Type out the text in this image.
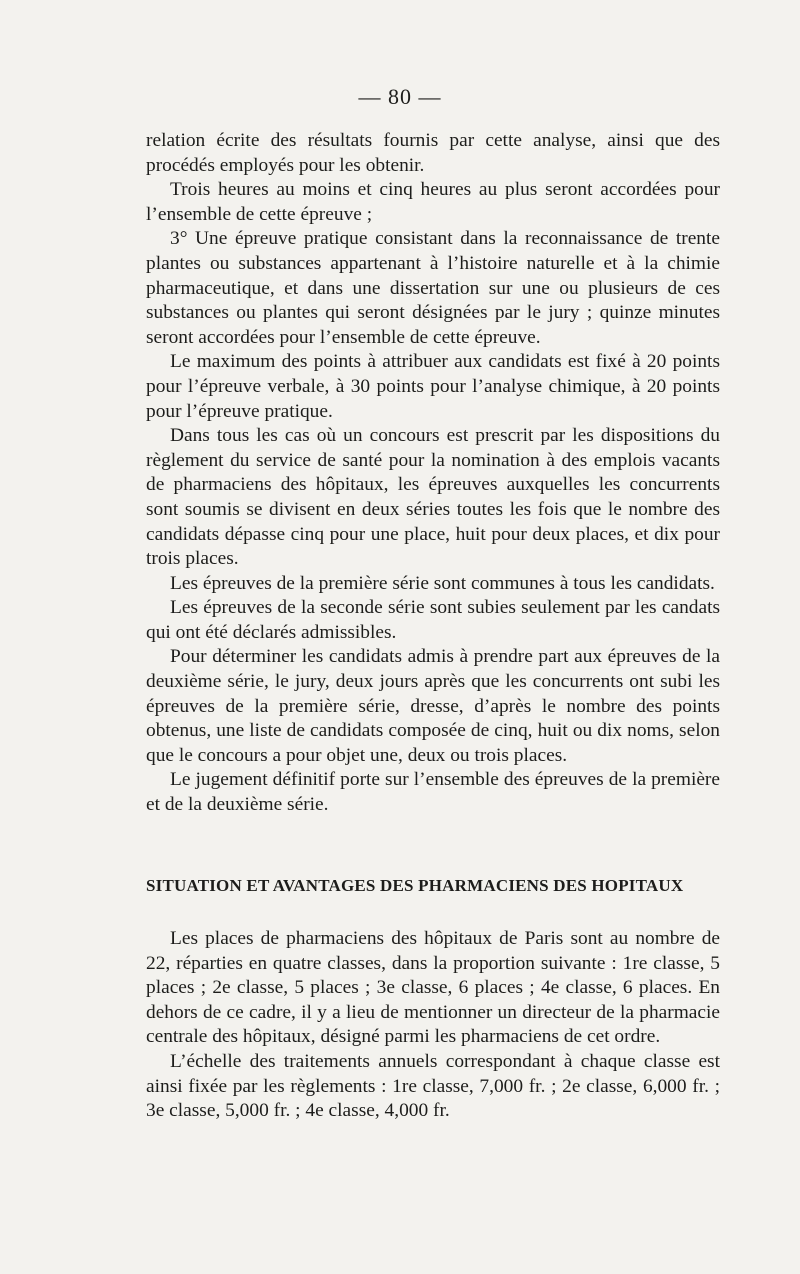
— 80 —

relation écrite des résultats fournis par cette analyse, ainsi que des procédés employés pour les obtenir.

Trois heures au moins et cinq heures au plus seront accordées pour l’ensemble de cette épreuve ;

3° Une épreuve pratique consistant dans la reconnaissance de trente plantes ou substances appartenant à l’histoire naturelle et à la chimie pharmaceutique, et dans une dissertation sur une ou plusieurs de ces substances ou plantes qui seront désignées par le jury ; quinze minutes seront accordées pour l’ensemble de cette épreuve.

Le maximum des points à attribuer aux candidats est fixé à 20 points pour l’épreuve verbale, à 30 points pour l’analyse chimique, à 20 points pour l’épreuve pratique.

Dans tous les cas où un concours est prescrit par les dispositions du règlement du service de santé pour la nomination à des emplois vacants de pharmaciens des hôpitaux, les épreuves auxquelles les concurrents sont soumis se divisent en deux séries toutes les fois que le nombre des candidats dépasse cinq pour une place, huit pour deux places, et dix pour trois places.

Les épreuves de la première série sont communes à tous les candidats.

Les épreuves de la seconde série sont subies seulement par les candats qui ont été déclarés admissibles.

Pour déterminer les candidats admis à prendre part aux épreuves de la deuxième série, le jury, deux jours après que les concurrents ont subi les épreuves de la première série, dresse, d’après le nombre des points obtenus, une liste de candidats composée de cinq, huit ou dix noms, selon que le concours a pour objet une, deux ou trois places.

Le jugement définitif porte sur l’ensemble des épreuves de la première et de la deuxième série.

SITUATION ET AVANTAGES DES PHARMACIENS DES HOPITAUX

Les places de pharmaciens des hôpitaux de Paris sont au nombre de 22, réparties en quatre classes, dans la proportion suivante : 1re classe, 5 places ; 2e classe, 5 places ; 3e classe, 6 places ; 4e classe, 6 places. En dehors de ce cadre, il y a lieu de mentionner un directeur de la pharmacie centrale des hôpitaux, désigné parmi les pharmaciens de cet ordre.

L’échelle des traitements annuels correspondant à chaque classe est ainsi fixée par les règlements : 1re classe, 7,000 fr. ; 2e classe, 6,000 fr. ; 3e classe, 5,000 fr. ; 4e classe, 4,000 fr.
